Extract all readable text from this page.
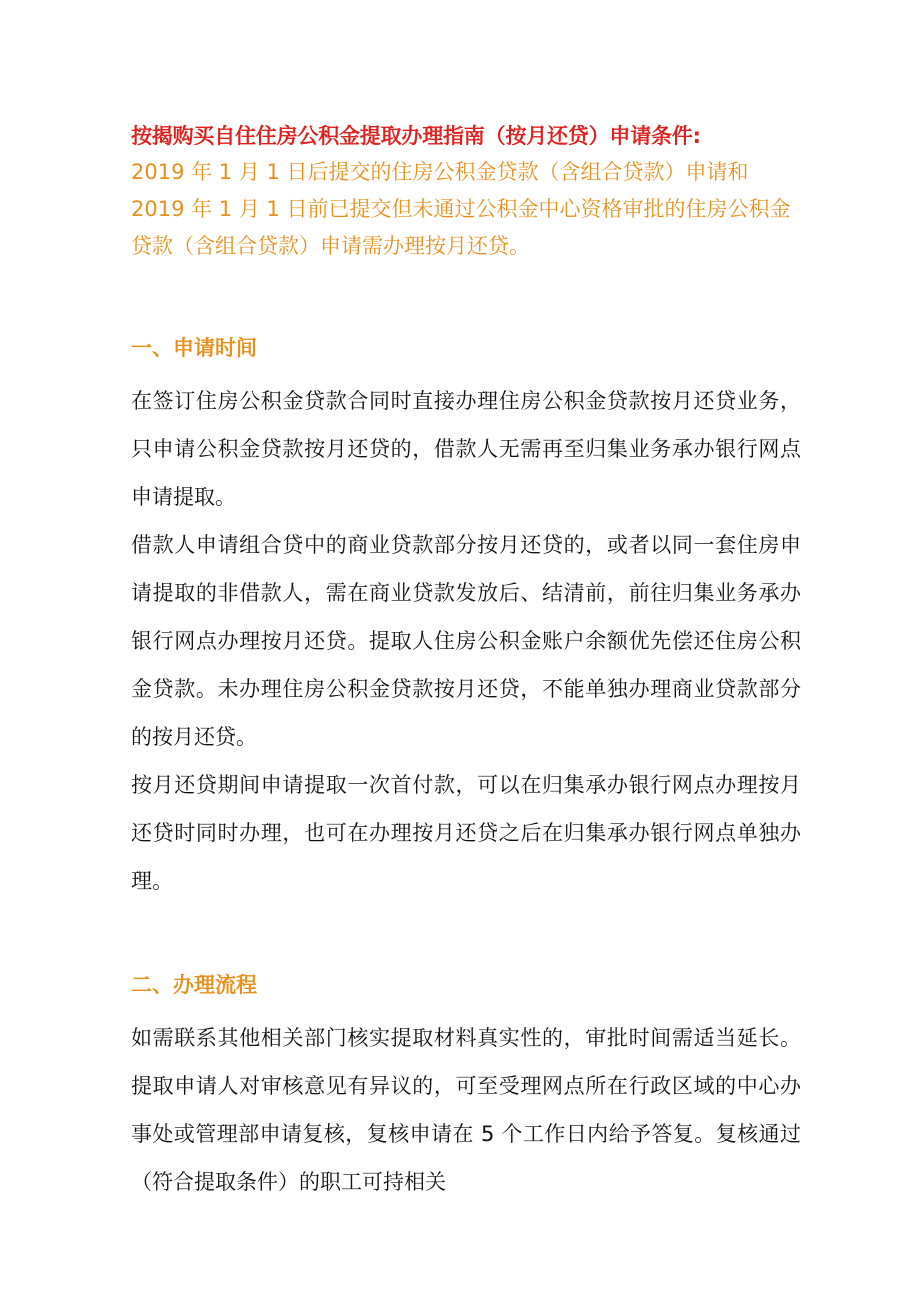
按揭购买自住住房公积金提取办理指南（按月还贷）申请条件:

2019 年 1 月 1 日后提交的住房公积金贷款（含组合贷款）申请和 2019 年 1 月 1 日前已提交但未通过公积金中心资格审批的住房公积金贷款（含组合贷款）申请需办理按月还贷。

一、申请时间

在签订住房公积金贷款合同时直接办理住房公积金贷款按月还贷业务，只申请公积金贷款按月还贷的，借款人无需再至归集业务承办银行网点申请提取。

借款人申请组合贷中的商业贷款部分按月还贷的，或者以同一套住房申请提取的非借款人，需在商业贷款发放后、结清前，前往归集业务承办银行网点办理按月还贷。提取人住房公积金账户余额优先偿还住房公积金贷款。未办理住房公积金贷款按月还贷，不能单独办理商业贷款部分的按月还贷。

按月还贷期间申请提取一次首付款，可以在归集承办银行网点办理按月还贷时同时办理，也可在办理按月还贷之后在归集承办银行网点单独办理。

二、办理流程

如需联系其他相关部门核实提取材料真实性的，审批时间需适当延长。提取申请人对审核意见有异议的，可至受理网点所在行政区域的中心办事处或管理部申请复核，复核申请在 5 个工作日内给予答复。复核通过（符合提取条件）的职工可持相关
